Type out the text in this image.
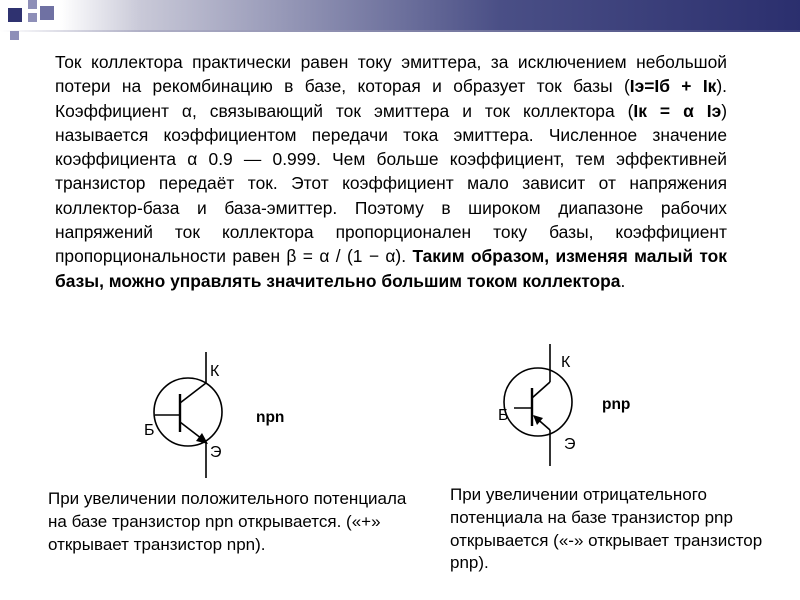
Ток коллектора практически равен току эмиттера, за исключением небольшой потери на рекомбинацию в базе, которая и образует ток базы (Iэ=Iб + Iк). Коэффициент α, связывающий ток эмиттера и ток коллектора (Iк = α Iэ) называется коэффициентом передачи тока эмиттера. Численное значение коэффициента α 0.9 — 0.999. Чем больше коэффициент, тем эффективней транзистор передаёт ток. Этот коэффициент мало зависит от напряжения коллектор-база и база-эмиттер. Поэтому в широком диапазоне рабочих напряжений ток коллектора пропорционален току базы, коэффициент пропорциональности равен β = α / (1 − α). Таким образом, изменяя малый ток базы, можно управлять значительно большим током коллектора.

К
Б
Э
npn
К
Б
Э
pnp

При увеличении положительного потенциала на базе транзистор npn открывается. («+» открывает транзистор npn).

При увеличении отрицательного потенциала на базе транзистор pnp открывается («-» открывает транзистор pnp).
